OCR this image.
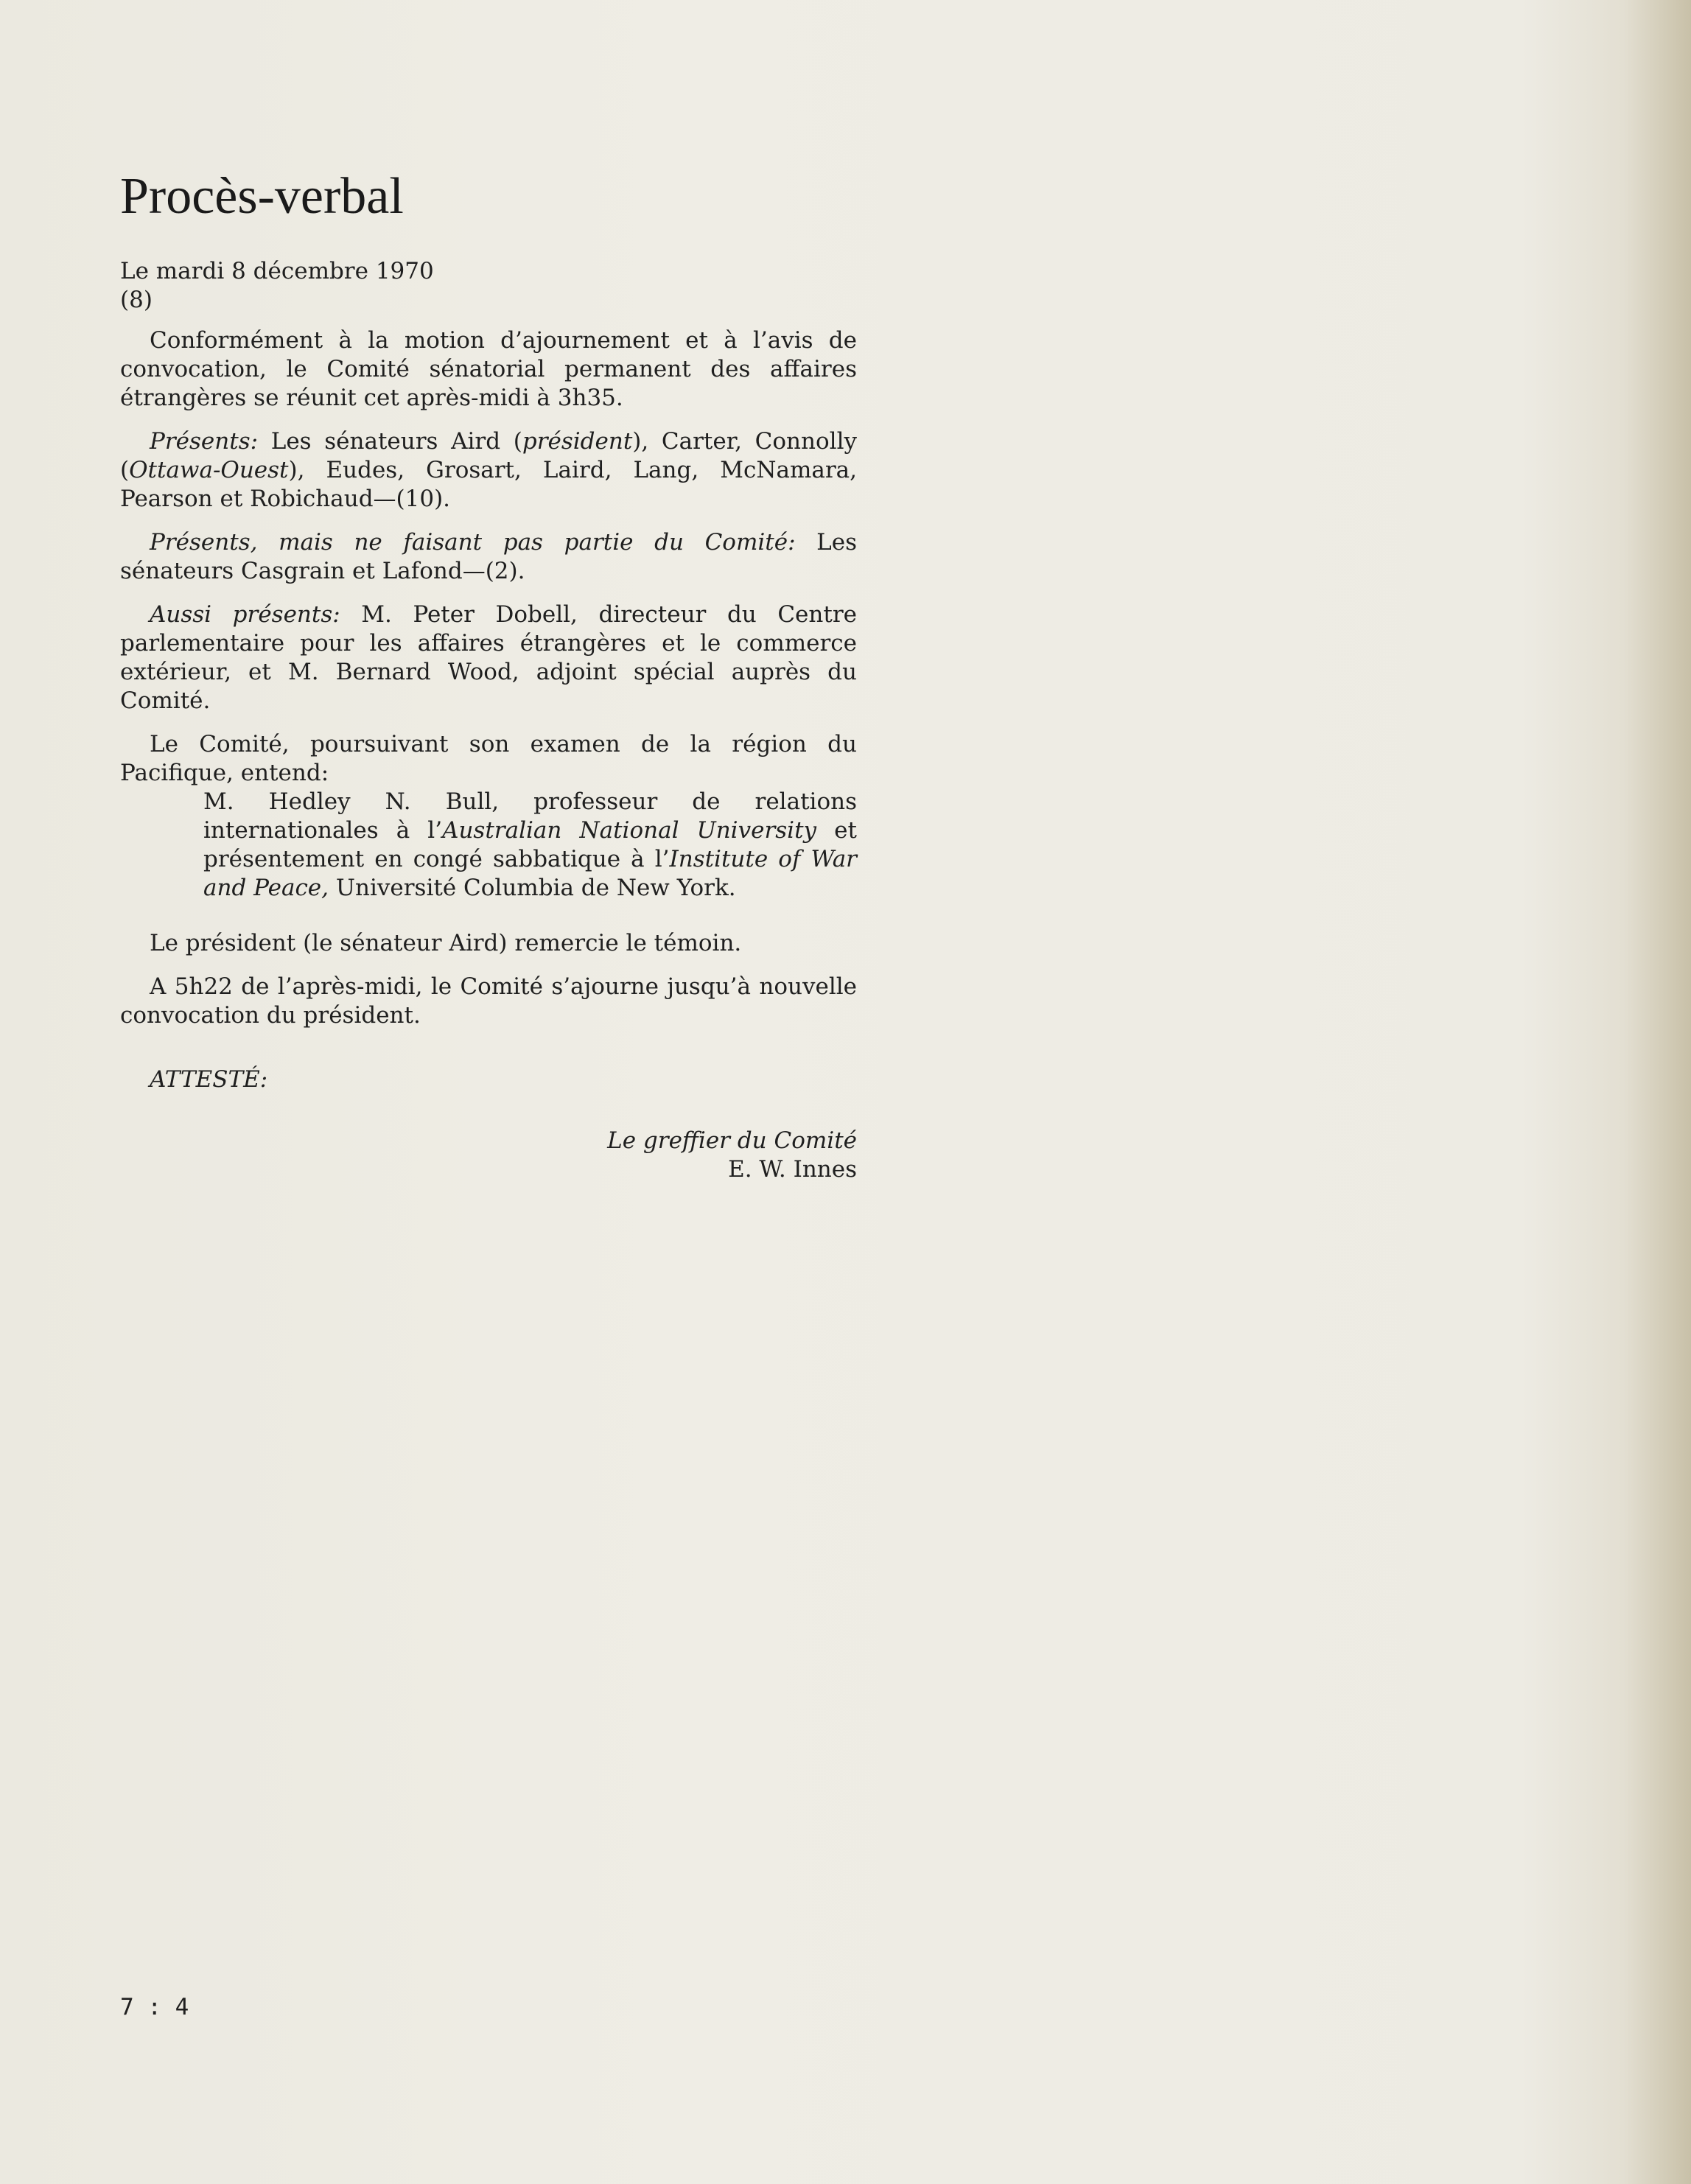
Procès-verbal

Le mardi 8 décembre 1970

(8)

Conformément à la motion d’ajournement et à l’avis de convocation, le Comité sénatorial permanent des affaires étrangères se réunit cet après-midi à 3h35.

Présents: Les sénateurs Aird (président), Carter, Connolly (Ottawa-Ouest), Eudes, Grosart, Laird, Lang, McNamara, Pearson et Robichaud—(10).

Présents, mais ne faisant pas partie du Comité: Les sénateurs Casgrain et Lafond—(2).

Aussi présents: M. Peter Dobell, directeur du Centre parlementaire pour les affaires étrangères et le commerce extérieur, et M. Bernard Wood, adjoint spécial auprès du Comité.

Le Comité, poursuivant son examen de la région du Pacifique, entend:

M. Hedley N. Bull, professeur de relations internationales à l’Australian National University et présentement en congé sabbatique à l’Institute of War and Peace, Université Columbia de New York.

Le président (le sénateur Aird) remercie le témoin.

A 5h22 de l’après-midi, le Comité s’ajourne jusqu’à nouvelle convocation du président.

ATTESTÉ:

Le greffier du Comité
E. W. Innes
7 : 4
